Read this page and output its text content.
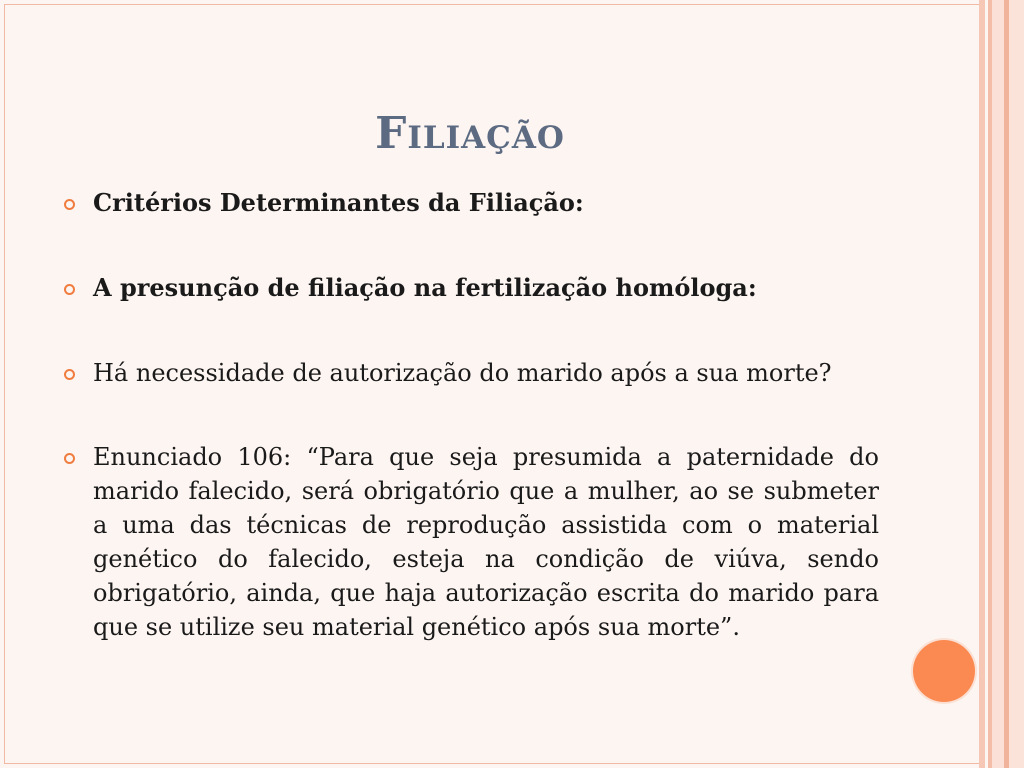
Filiação
Critérios Determinantes da Filiação:
A presunção de filiação na fertilização homóloga:
Há necessidade de autorização do marido após a sua morte?
Enunciado 106: “Para que seja presumida a paternidade do marido falecido, será obrigatório que a mulher, ao se submeter a uma das técnicas de reprodução assistida com o material genético do falecido, esteja na condição de viúva, sendo obrigatório, ainda, que haja autorização escrita do marido para que se utilize seu material genético após sua morte”.
